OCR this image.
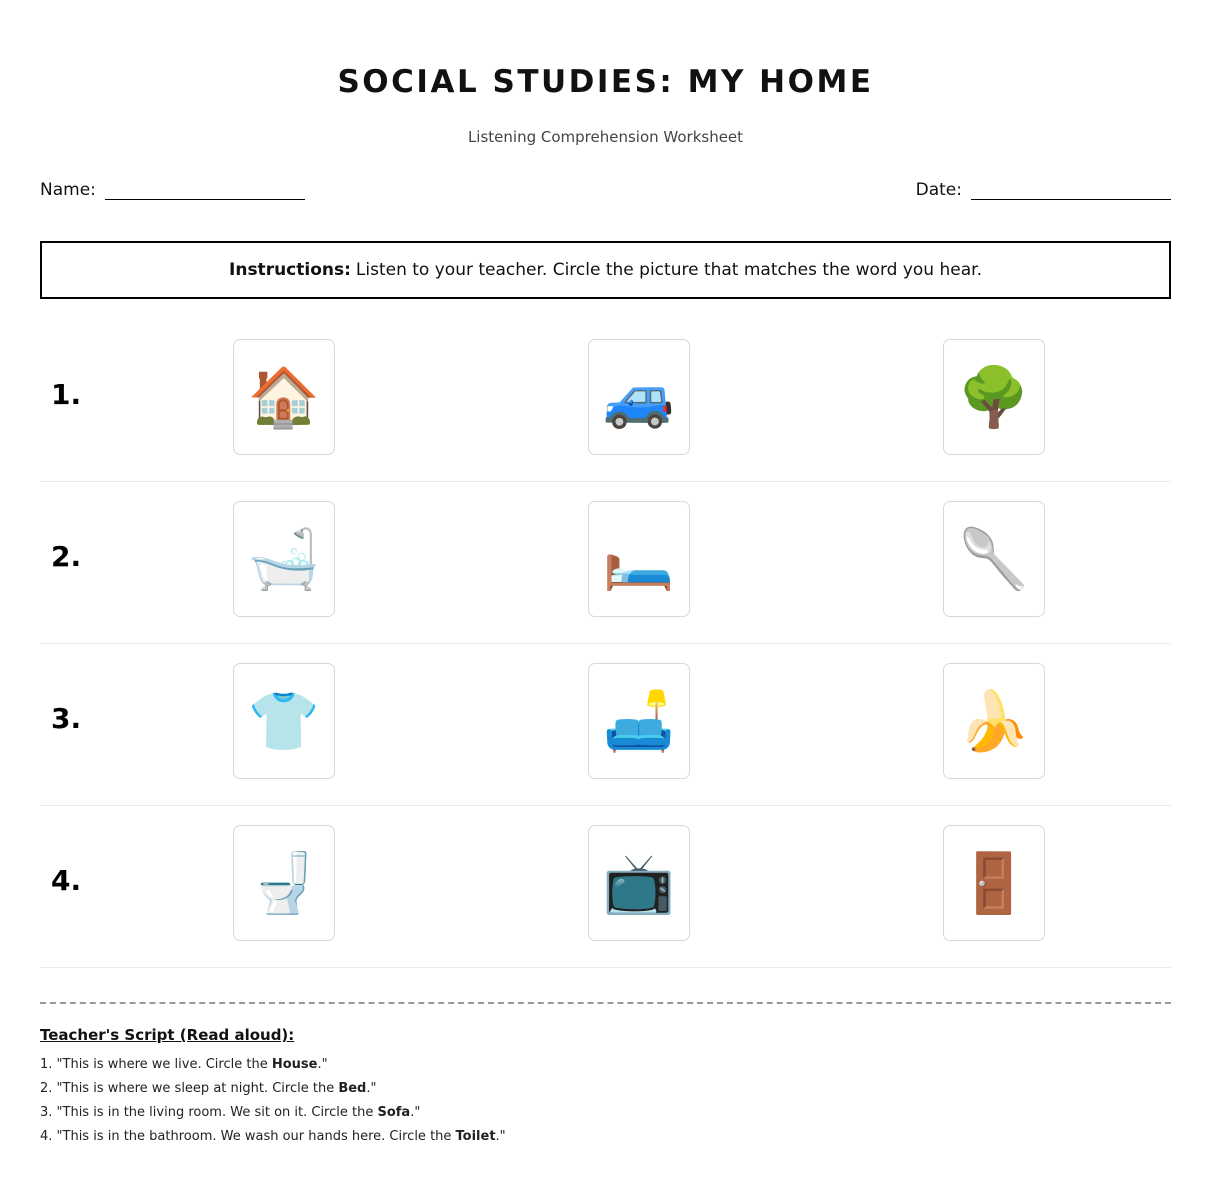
SOCIAL STUDIES: MY HOME
Listening Comprehension Worksheet
Name:	Date:
Instructions: Listen to your teacher. Circle the picture that matches the word you hear.
1.	🏠	🚙	🌳
2.	🛁	🛏️	🥄
3.	👕	🛋️	🍌
4.	🚽	📺	🚪
Teacher's Script (Read aloud):
1. "This is where we live. Circle the House."
2. "This is where we sleep at night. Circle the Bed."
3. "This is in the living room. We sit on it. Circle the Sofa."
4. "This is in the bathroom. We wash our hands here. Circle the Toilet."
